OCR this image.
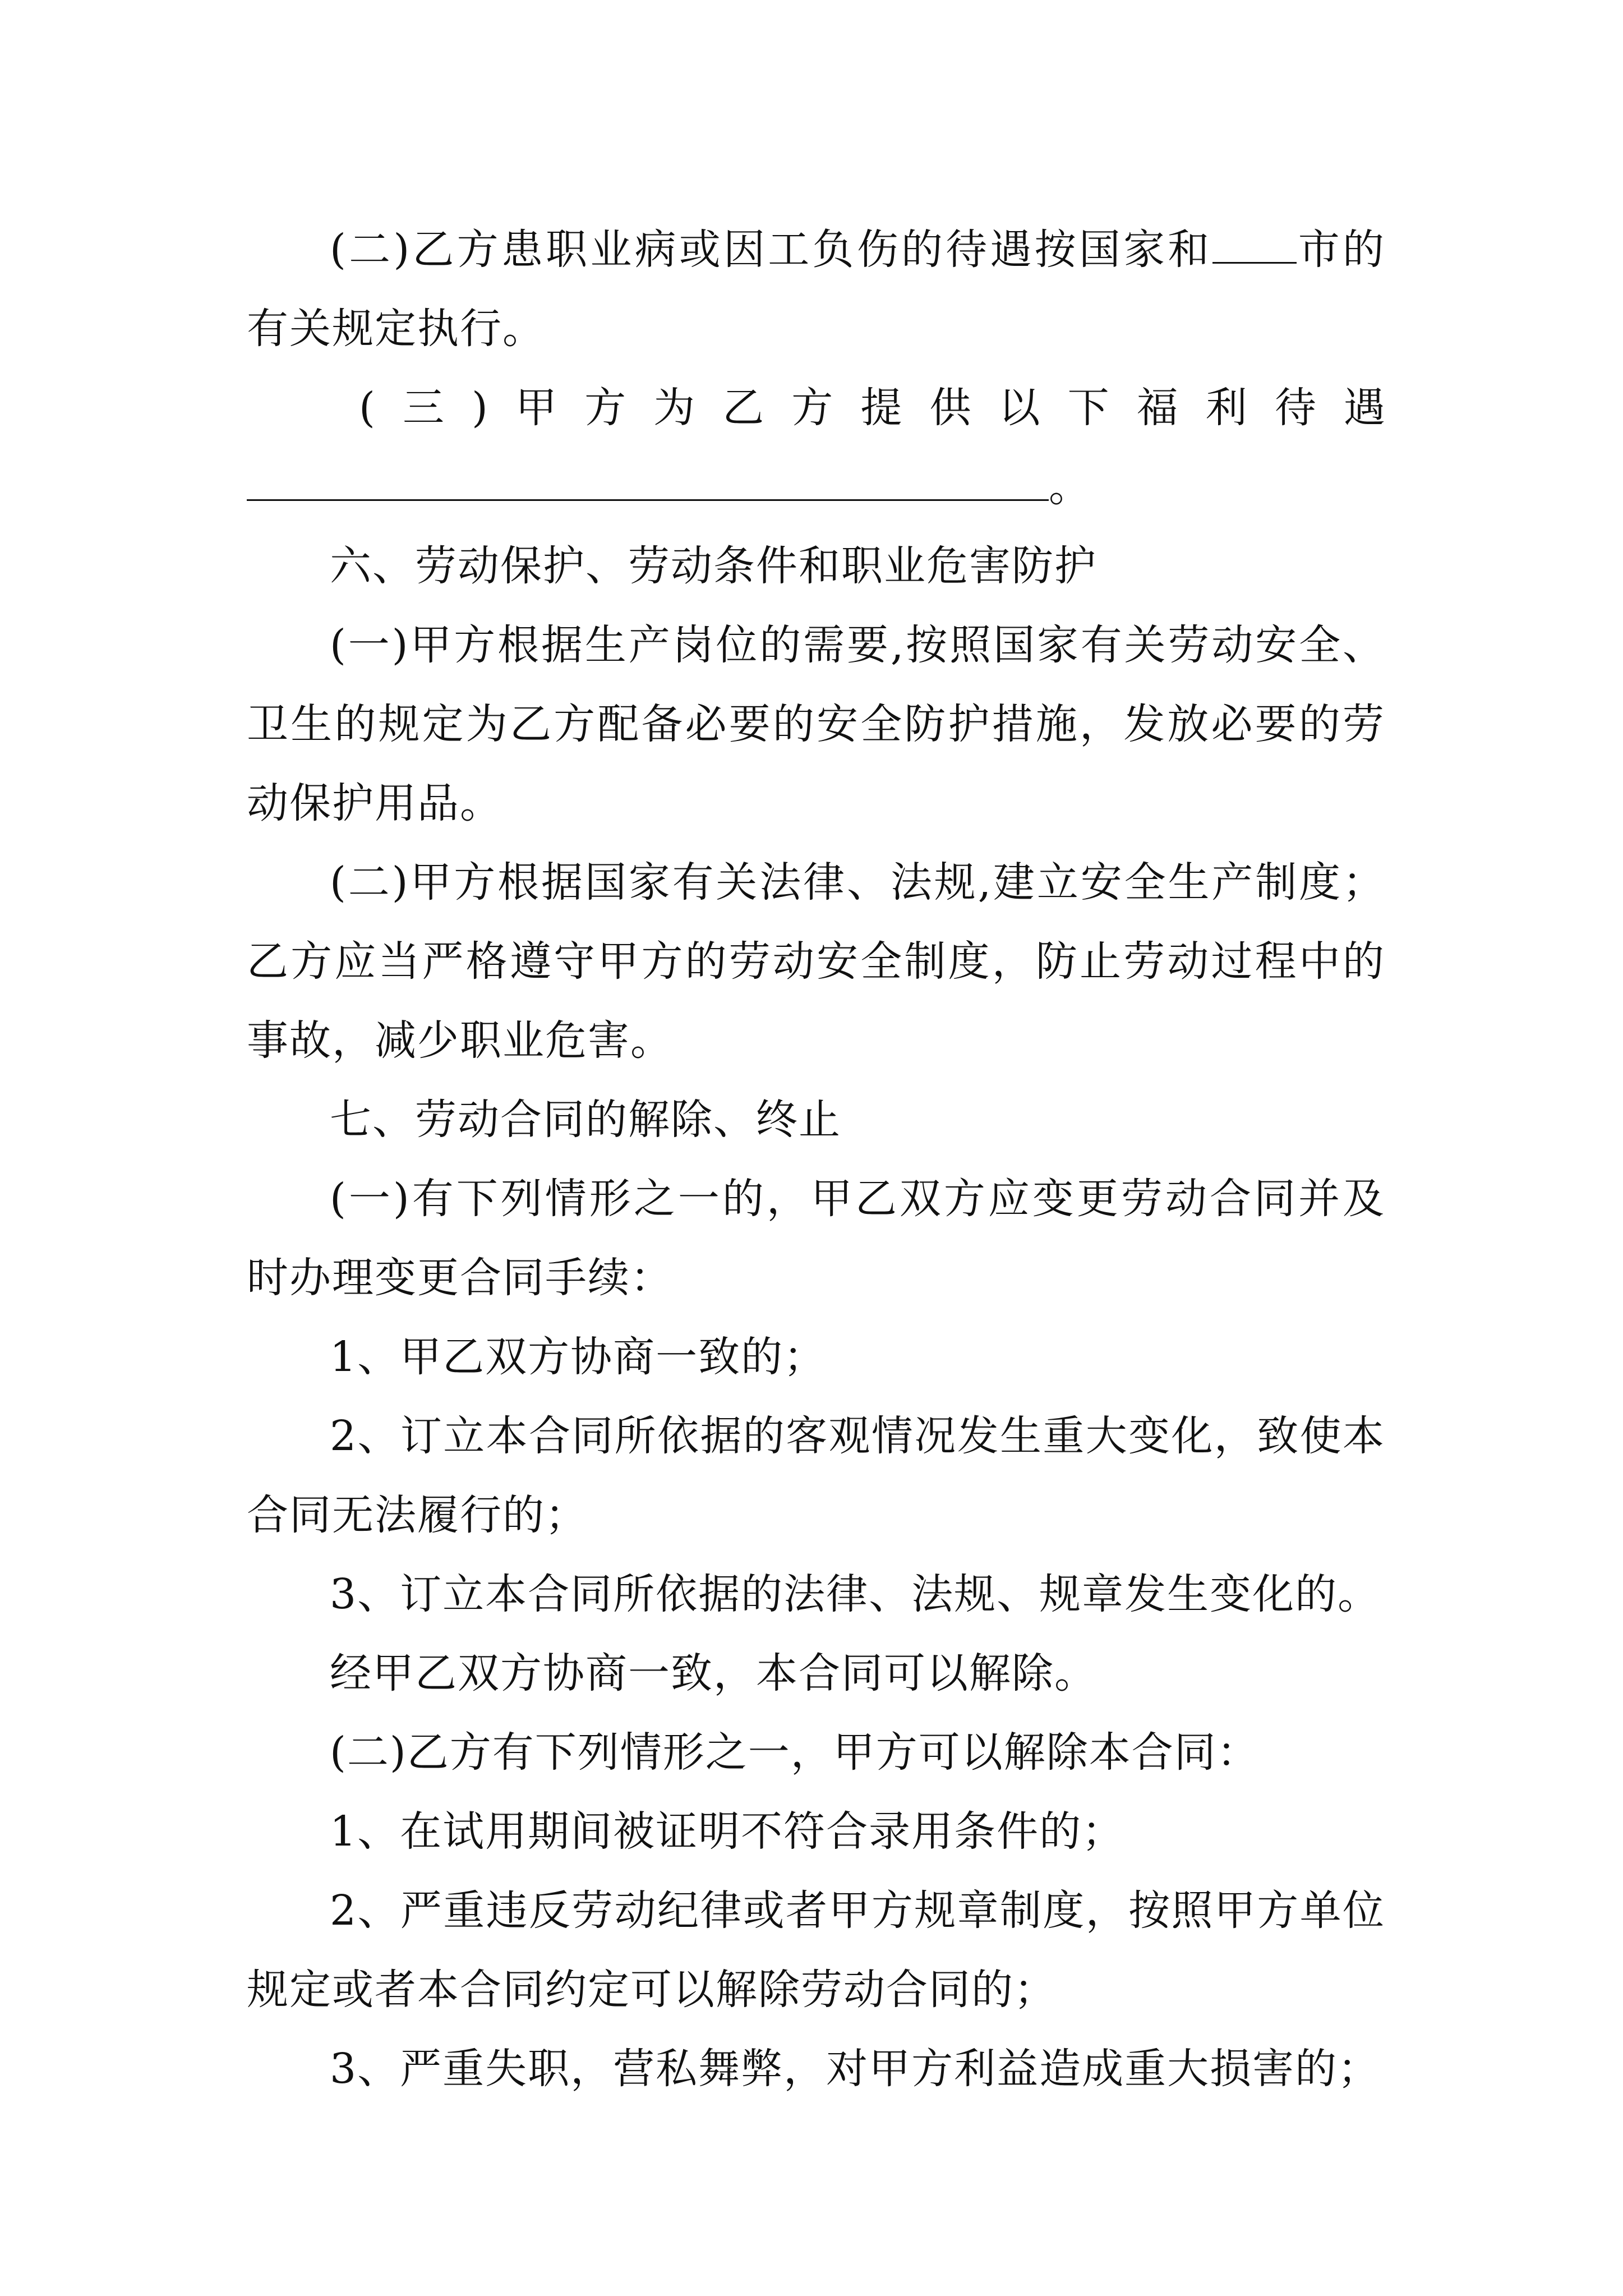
(二)乙方患职业病或因工负伤的待遇按国家和 市的有关规定执行。

( 三 ) 甲 方 为 乙 方 提 供 以 下 福 利 待 遇

。

六、劳动保护、劳动条件和职业危害防护

(一)甲方根据生产岗位的需要,按照国家有关劳动安全、卫生的规定为乙方配备必要的安全防护措施，发放必要的劳动保护用品。

(二)甲方根据国家有关法律、法规,建立安全生产制度；乙方应当严格遵守甲方的劳动安全制度，防止劳动过程中的事故，减少职业危害。

七、劳动合同的解除、终止

(一)有下列情形之一的，甲乙双方应变更劳动合同并及时办理变更合同手续：

1、甲乙双方协商一致的；

2、订立本合同所依据的客观情况发生重大变化，致使本合同无法履行的；

3、订立本合同所依据的法律、法规、规章发生变化的。

经甲乙双方协商一致，本合同可以解除。

(二)乙方有下列情形之一，甲方可以解除本合同：

1、在试用期间被证明不符合录用条件的；

2、严重违反劳动纪律或者甲方规章制度，按照甲方单位规定或者本合同约定可以解除劳动合同的；

3、严重失职，营私舞弊，对甲方利益造成重大损害的；
